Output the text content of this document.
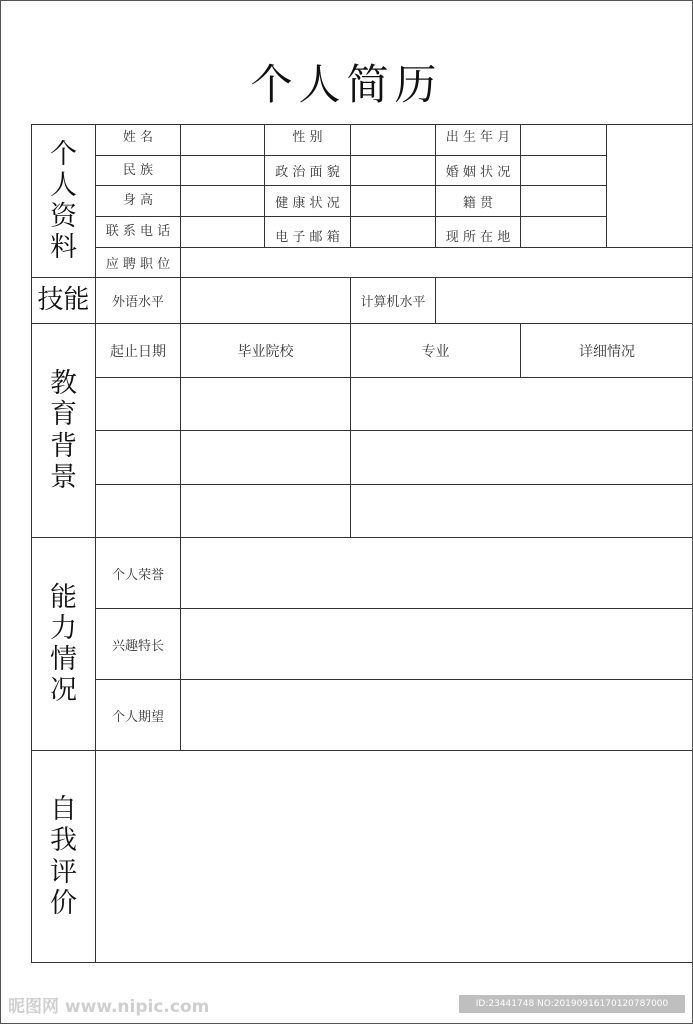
个人简历
个人资料
技能
教育背景
能力情况
自我评价
姓 名	性 别	出 生 年 月
民 族	政 治 面 貌	婚 姻 状 况
身 高	健 康 状 况	籍 贯
联 系 电 话	电 子 邮 箱	现 所 在 地
应 聘 职 位
外语水平	计算机水平
起止日期	毕业院校	专业	详细情况
个人荣誉
兴趣特长
个人期望
昵图网 www.nipic.com	ID:23441748 NO:20190916170120787000
